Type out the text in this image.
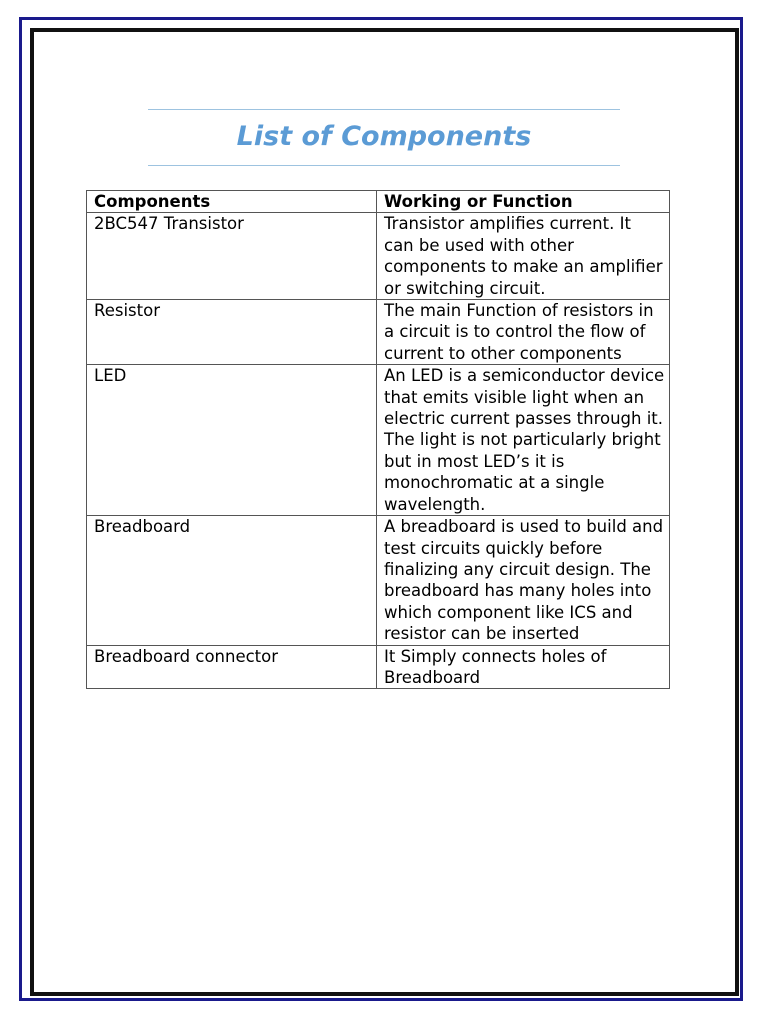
List of Components
Components	Working or Function
2BC547 Transistor	Transistor amplifies current. It can be used with other components to make an amplifier or switching circuit.
Resistor	The main Function of resistors in a circuit is to control the flow of current to other components
LED	An LED is a semiconductor device that emits visible light when an electric current passes through it. The light is not particularly bright but in most LED’s it is monochromatic at a single wavelength.
Breadboard	A breadboard is used to build and test circuits quickly before finalizing any circuit design. The breadboard has many holes into which component like ICS and resistor can be inserted
Breadboard connector	It Simply connects holes of Breadboard
